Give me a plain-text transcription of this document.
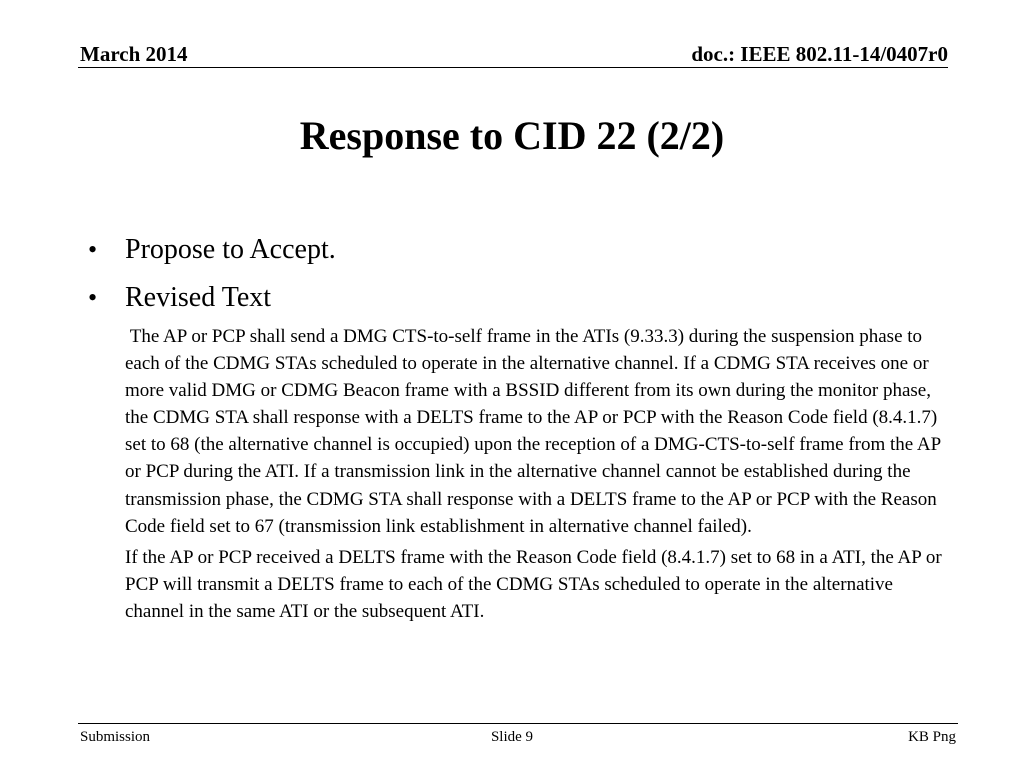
March 2014	doc.: IEEE 802.11-14/0407r0
Response to CID 22 (2/2)
• Propose to Accept.
• Revised Text

The AP or PCP shall send a DMG CTS-to-self frame in the ATIs (9.33.3) during the suspension phase to each of the CDMG STAs scheduled to operate in the alternative channel. If a CDMG STA receives one or more valid DMG or CDMG Beacon frame with a BSSID different from its own during the monitor phase, the CDMG STA shall response with a DELTS frame to the AP or PCP with the Reason Code field (8.4.1.7) set to 68 (the alternative channel is occupied) upon the reception of a DMG-CTS-to-self frame from the AP or PCP during the ATI. If a transmission link in the alternative channel cannot be established during the transmission phase, the CDMG STA shall response with a DELTS frame to the AP or PCP with the Reason Code field set to 67 (transmission link establishment in alternative channel failed).

If the AP or PCP received a DELTS frame with the Reason Code field (8.4.1.7) set to 68 in a ATI, the AP or PCP will transmit a DELTS frame to each of the CDMG STAs scheduled to operate in the alternative channel in the same ATI or the subsequent ATI.

Submission	Slide 9	KB Png
